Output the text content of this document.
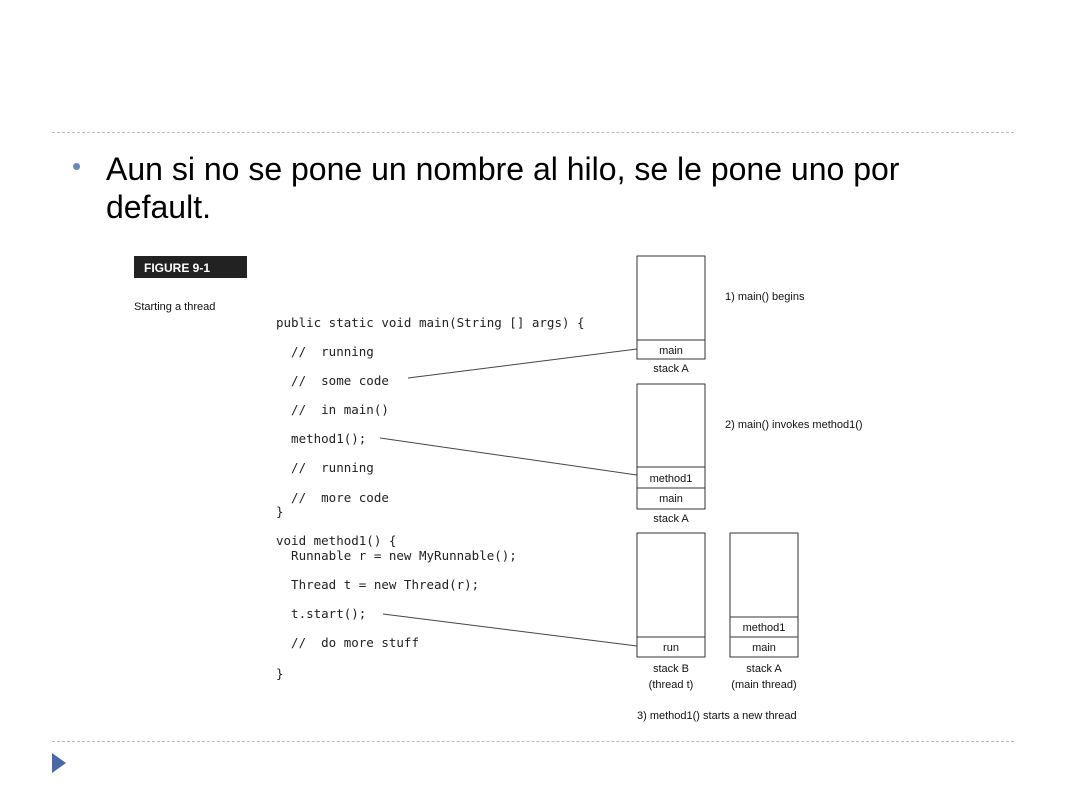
• Aun si no se pone un nombre al hilo, se le pone uno por default.
FIGURE 9-1
Starting a thread
public static void main(String [] args) {
//  running
//  some code
//  in main()
method1();
//  running
//  more code
}
void method1() {
Runnable r = new MyRunnable();
Thread t = new Thread(r);
t.start();
//  do more stuff
}
main
stack A
1) main() begins
method1
main
stack A
2) main() invokes method1()
run
stack B
(thread t)
method1
main
stack A
(main thread)
3) method1() starts a new thread
